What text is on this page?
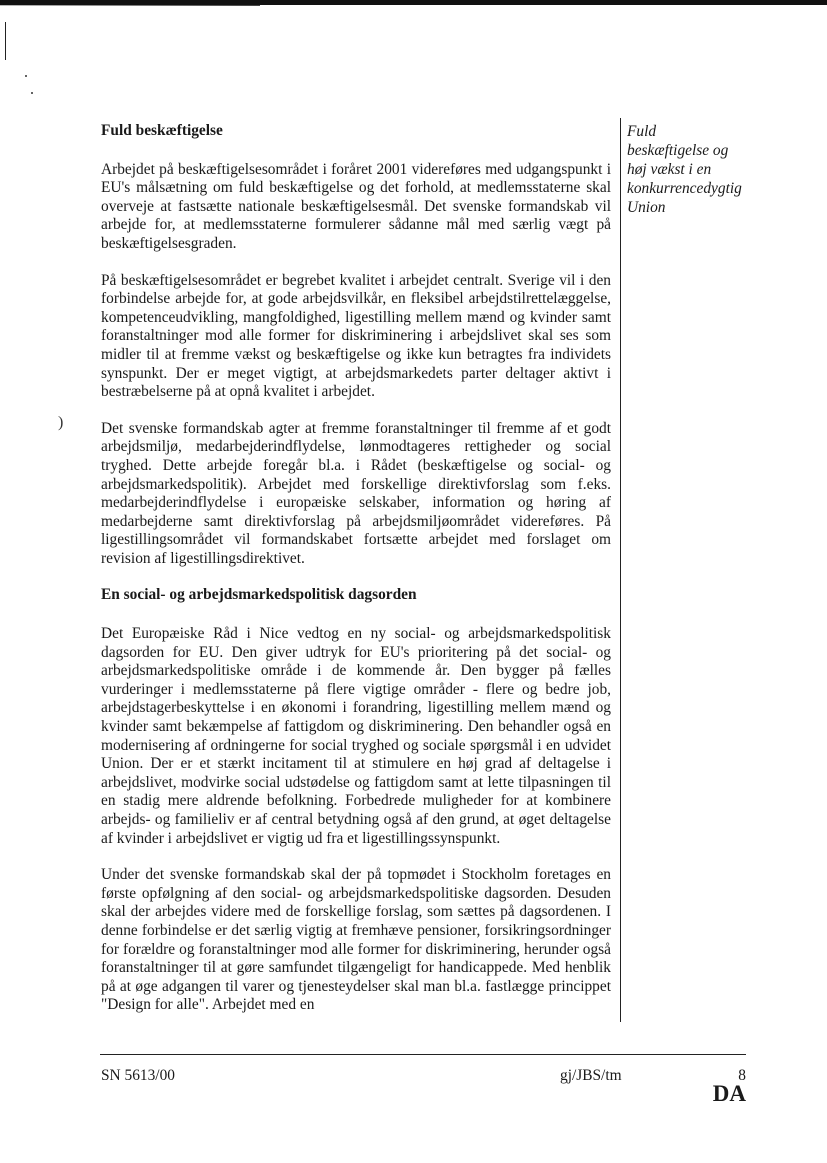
)
Fuld beskæftigelse

Arbejdet på beskæftigelsesområdet i foråret 2001 videreføres med udgangspunkt i EU's målsætning om fuld beskæftigelse og det forhold, at medlemsstaterne skal overveje at fastsætte nationale beskæftigelsesmål. Det svenske formandskab vil arbejde for, at medlemsstaterne formulerer sådanne mål med særlig vægt på beskæftigelsesgraden.

På beskæftigelsesområdet er begrebet kvalitet i arbejdet centralt. Sverige vil i den forbindelse arbejde for, at gode arbejdsvilkår, en fleksibel arbejdstilrettelæggelse, kompetenceudvikling, mangfoldighed, ligestilling mellem mænd og kvinder samt foranstaltninger mod alle former for diskriminering i arbejdslivet skal ses som midler til at fremme vækst og beskæftigelse og ikke kun betragtes fra individets synspunkt. Der er meget vigtigt, at arbejdsmarkedets parter deltager aktivt i bestræbelserne på at opnå kvalitet i arbejdet.

Det svenske formandskab agter at fremme foranstaltninger til fremme af et godt arbejdsmiljø, medarbejderindflydelse, lønmodtageres rettigheder og social tryghed. Dette arbejde foregår bl.a. i Rådet (beskæftigelse og social- og arbejdsmarkedspolitik). Arbejdet med forskellige direktivforslag som f.eks. medarbejderindflydelse i europæiske selskaber, information og høring af medarbejderne samt direktivforslag på arbejdsmiljøområdet videreføres. På ligestillingsområdet vil formandskabet fortsætte arbejdet med forslaget om revision af ligestillingsdirektivet.

En social- og arbejdsmarkedspolitisk dagsorden

Det Europæiske Råd i Nice vedtog en ny social- og arbejdsmarkedspolitisk dagsorden for EU. Den giver udtryk for EU's prioritering på det social- og arbejdsmarkedspolitiske område i de kommende år. Den bygger på fælles vurderinger i medlemsstaterne på flere vigtige områder - flere og bedre job, arbejdstagerbeskyttelse i en økonomi i forandring, ligestilling mellem mænd og kvinder samt bekæmpelse af fattigdom og diskriminering. Den behandler også en modernisering af ordningerne for social tryghed og sociale spørgsmål i en udvidet Union. Der er et stærkt incitament til at stimulere en høj grad af deltagelse i arbejdslivet, modvirke social udstødelse og fattigdom samt at lette tilpasningen til en stadig mere aldrende befolkning. Forbedrede muligheder for at kombinere arbejds- og familieliv er af central betydning også af den grund, at øget deltagelse af kvinder i arbejdslivet er vigtig ud fra et ligestillingssynspunkt.

Under det svenske formandskab skal der på topmødet i Stockholm foretages en første opfølgning af den social- og arbejdsmarkedspolitiske dagsorden. Desuden skal der arbejdes videre med de forskellige forslag, som sættes på dagsordenen. I denne forbindelse er det særlig vigtig at fremhæve pensioner, forsikringsordninger for forældre og foranstaltninger mod alle former for diskriminering, herunder også foranstaltninger til at gøre samfundet tilgængeligt for handicappede. Med henblik på at øge adgangen til varer og tjenesteydelser skal man bl.a. fastlægge princippet "Design for alle". Arbejdet med en

Fuld beskæftigelse og høj vækst i en konkurrencedygtig Union
SN 5613/00	gj/JBS/tm	8
DA
